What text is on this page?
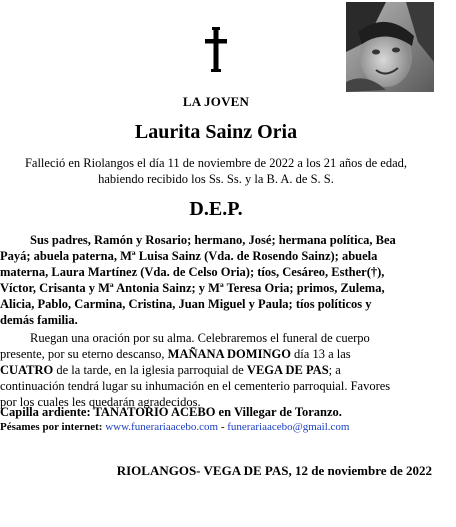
LA JOVEN
Laurita Sainz Oria
Falleció en Riolangos el día 11 de noviembre de 2022 a los 21 años de edad,
habiendo recibido los Ss. Ss. y la B. A. de S. S.
D.E.P.
Sus padres, Ramón y Rosario; hermano, José; hermana política, Bea
Payá; abuela paterna, Mª Luisa Sainz (Vda. de Rosendo Sainz); abuela
materna, Laura Martínez (Vda. de Celso Oria); tíos, Cesáreo, Esther(†),
Víctor, Crisanta y Mª Antonia Sainz; y Mª Teresa Oria; primos, Zulema,
Alicia, Pablo, Carmina, Cristina, Juan Miguel y Paula; tíos políticos y
demás familia.
Ruegan una oración por su alma. Celebraremos el funeral de cuerpo
presente, por su eterno descanso, MAÑANA DOMINGO día 13 a las
CUATRO de la tarde, en la iglesia parroquial de VEGA DE PAS; a
continuación tendrá lugar su inhumación en el cementerio parroquial. Favores
por los cuales les quedarán agradecidos.
Capilla ardiente: TANATORIO ACEBO en Villegar de Toranzo.
Pésames por internet: www.funerariaacebo.com - funerariaacebo@gmail.com
RIOLANGOS- VEGA DE PAS, 12 de noviembre de 2022
